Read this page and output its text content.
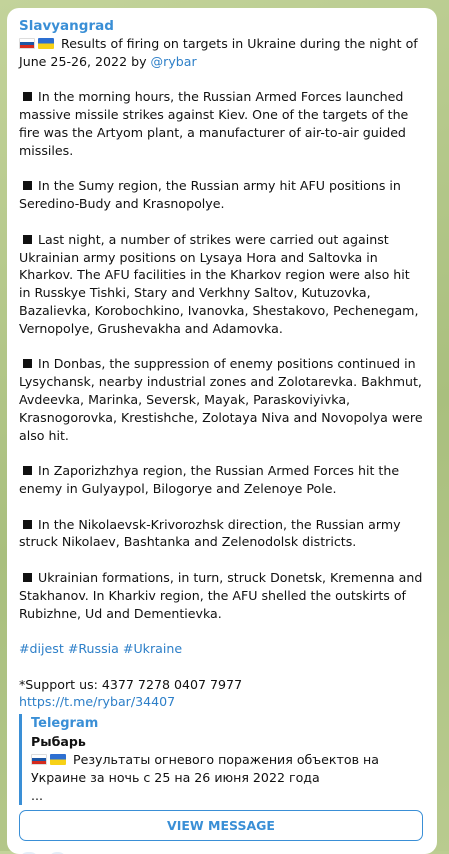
Slavyangrad
Results of firing on targets in Ukraine during the night of June 25-26, 2022 by @rybar
In the morning hours, the Russian Armed Forces launched massive missile strikes against Kiev. One of the targets of the fire was the Artyom plant, a manufacturer of air-to-air guided missiles.
In the Sumy region, the Russian army hit AFU positions in Seredino-Budy and Krasnopolye.
Last night, a number of strikes were carried out against Ukrainian army positions on Lysaya Hora and Saltovka in Kharkov. The AFU facilities in the Kharkov region were also hit in Russkye Tishki, Stary and Verkhny Saltov, Kutuzovka, Bazalievka, Korobochkino, Ivanovka, Shestakovo, Pechenegam, Vernopolye, Grushevakha and Adamovka.
In Donbas, the suppression of enemy positions continued in Lysychansk, nearby industrial zones and Zolotarevka. Bakhmut, Avdeevka, Marinka, Seversk, Mayak, Paraskoviyivka, Krasnogorovka, Krestishche, Zolotaya Niva and Novopolya were also hit.
In Zaporizhzhya region, the Russian Armed Forces hit the enemy in Gulyaypol, Bilogorye and Zelenoye Pole.
In the Nikolaevsk-Krivorozhsk direction, the Russian army struck Nikolaev, Bashtanka and Zelenodolsk districts.
Ukrainian formations, in turn, struck Donetsk, Kremenna and Stakhanov. In Kharkiv region, the AFU shelled the outskirts of Rubizhne, Ud and Dementievka.
#dijest #Russia #Ukraine
*Support us: 4377 7278 0407 7977
https://t.me/rybar/34407
Telegram
Рыбарь
Результаты огневого поражения объектов на Украине за ночь с 25 на 26 июня 2022 года
...
VIEW MESSAGE
